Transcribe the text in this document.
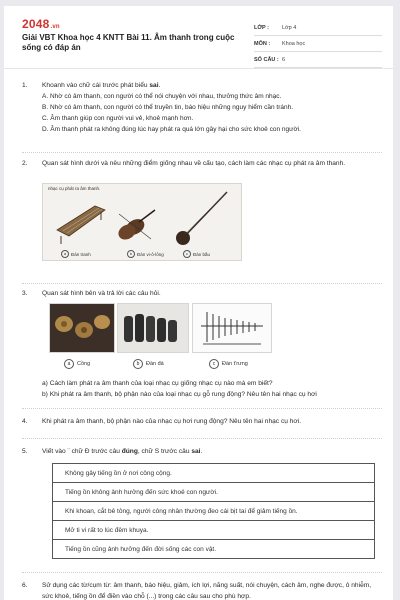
2048.vn
Giải VBT Khoa học 4 KNTT Bài 11. Âm thanh trong cuộc sống có đáp án
LỚP :	Lớp 4
MÔN :	Khoa học
SỐ CÂU : 6
1. Khoanh vào chữ cái trước phát biểu sai.
A. Nhờ có âm thanh, con người có thể nói chuyện với nhau, thưởng thức âm nhạc.
B. Nhờ có âm thanh, con người có thể truyền tin, báo hiệu những nguy hiểm cần tránh.
C. Âm thanh giúp con người vui vẻ, khoẻ mạnh hơn.
D. Âm thanh phát ra không đúng lúc hay phát ra quá lớn gây hại cho sức khoẻ con người.
2. Quan sát hình dưới và nêu những điểm giống nhau về cấu tạo, cách làm các nhạc cụ phát ra âm thanh.
nhạc cụ phát ra âm thanh.
a	Đàn tranh	b	Đàn vi-ô-lông	c	Đàn bầu
3. Quan sát hình bên và trả lời các câu hỏi.
a	Cồng	b	Đàn đá	c	Đàn t'rưng
a) Cách làm phát ra âm thanh của loại nhạc cụ giống nhạc cụ nào mà em biết?
b) Khi phát ra âm thanh, bộ phận nào của loại nhạc cụ gỗ rung động? Nêu tên hai nhạc cụ hơi
4. Khi phát ra âm thanh, bộ phận nào của nhạc cụ hơi rung động? Nêu tên hai nhạc cụ hơi.
5. Viết vào ¨ chữ Đ trước câu đúng, chữ S trước câu sai.
Không gây tiếng ồn ở nơi công cộng.
Tiếng ồn không ảnh hưởng đến sức khoẻ con người.
Khi khoan, cắt bê tông, người công nhân thường đeo cái bịt tai để giảm tiếng ồn.
Mở ti vi rất to lúc đêm khuya.
Tiếng ồn cũng ảnh hưởng đến đời sống các con vật.
6. Sử dụng các từ/cụm từ: âm thanh, báo hiệu, giảm, ích lợi, năng suất, nói chuyện, cách âm, nghe được, ô nhiễm, sức khoẻ, tiếng ồn để điền vào chỗ (...) trong các câu sau cho phù hợp.
